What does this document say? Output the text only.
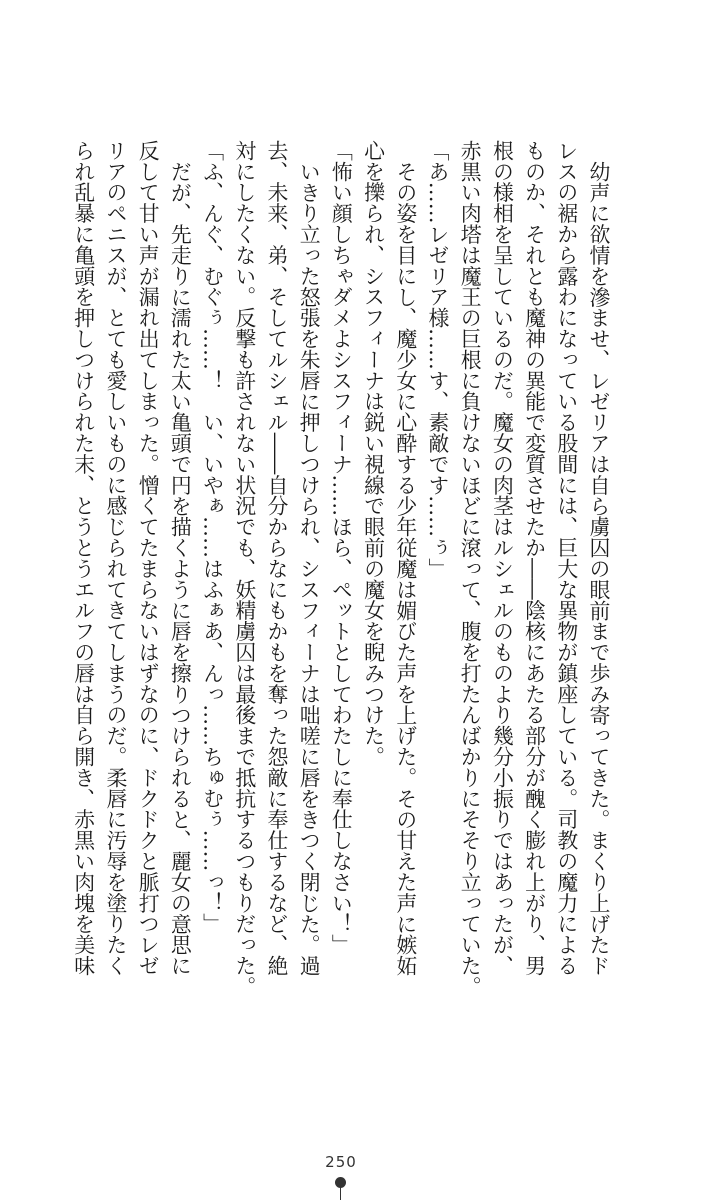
幼声に欲情を滲ませ、レゼリアは自ら虜囚の眼前まで歩み寄ってきた。まくり上げたド
レスの裾から露わになっている股間には、巨大な異物が鎮座している。司教の魔力による
ものか、それとも魔神の異能で変質させたか――陰核にあたる部分が醜く膨れ上がり、男
根の様相を呈しているのだ。魔女の肉茎はルシェルのものより幾分小振りではあったが、
赤黒い肉塔は魔王の巨根に負けないほどに滾って、腹を打たんばかりにそそり立っていた。
「あ……レゼリア様……す、素敵です……ぅ」
その姿を目にし、魔少女に心酔する少年従魔は媚びた声を上げた。その甘えた声に嫉妬
心を擽られ、シスフィーナは鋭い視線で眼前の魔女を睨みつけた。
「怖い顔しちゃダメよシスフィーナ……ほら、ペットとしてわたしに奉仕しなさい！」
いきり立った怒張を朱唇に押しつけられ、シスフィーナは咄嗟に唇をきつく閉じた。過
去、未来、弟、そしてルシェル――自分からなにもかもを奪った怨敵に奉仕するなど、絶
対にしたくない。反撃も許されない状況でも、妖精虜囚は最後まで抵抗するつもりだった。
「ふ、んぐ、むぐぅ……！　い、いやぁ……はふぁあ、んっ……ちゅむぅ……っ！」
だが、先走りに濡れた太い亀頭で円を描くように唇を擦りつけられると、麗女の意思に
反して甘い声が漏れ出てしまった。憎くてたまらないはずなのに、ドクドクと脈打つレゼ
リアのペニスが、とても愛しいものに感じられてきてしまうのだ。柔唇に汚辱を塗りたく
られ乱暴に亀頭を押しつけられた末、とうとうエルフの唇は自ら開き、赤黒い肉塊を美味
250
